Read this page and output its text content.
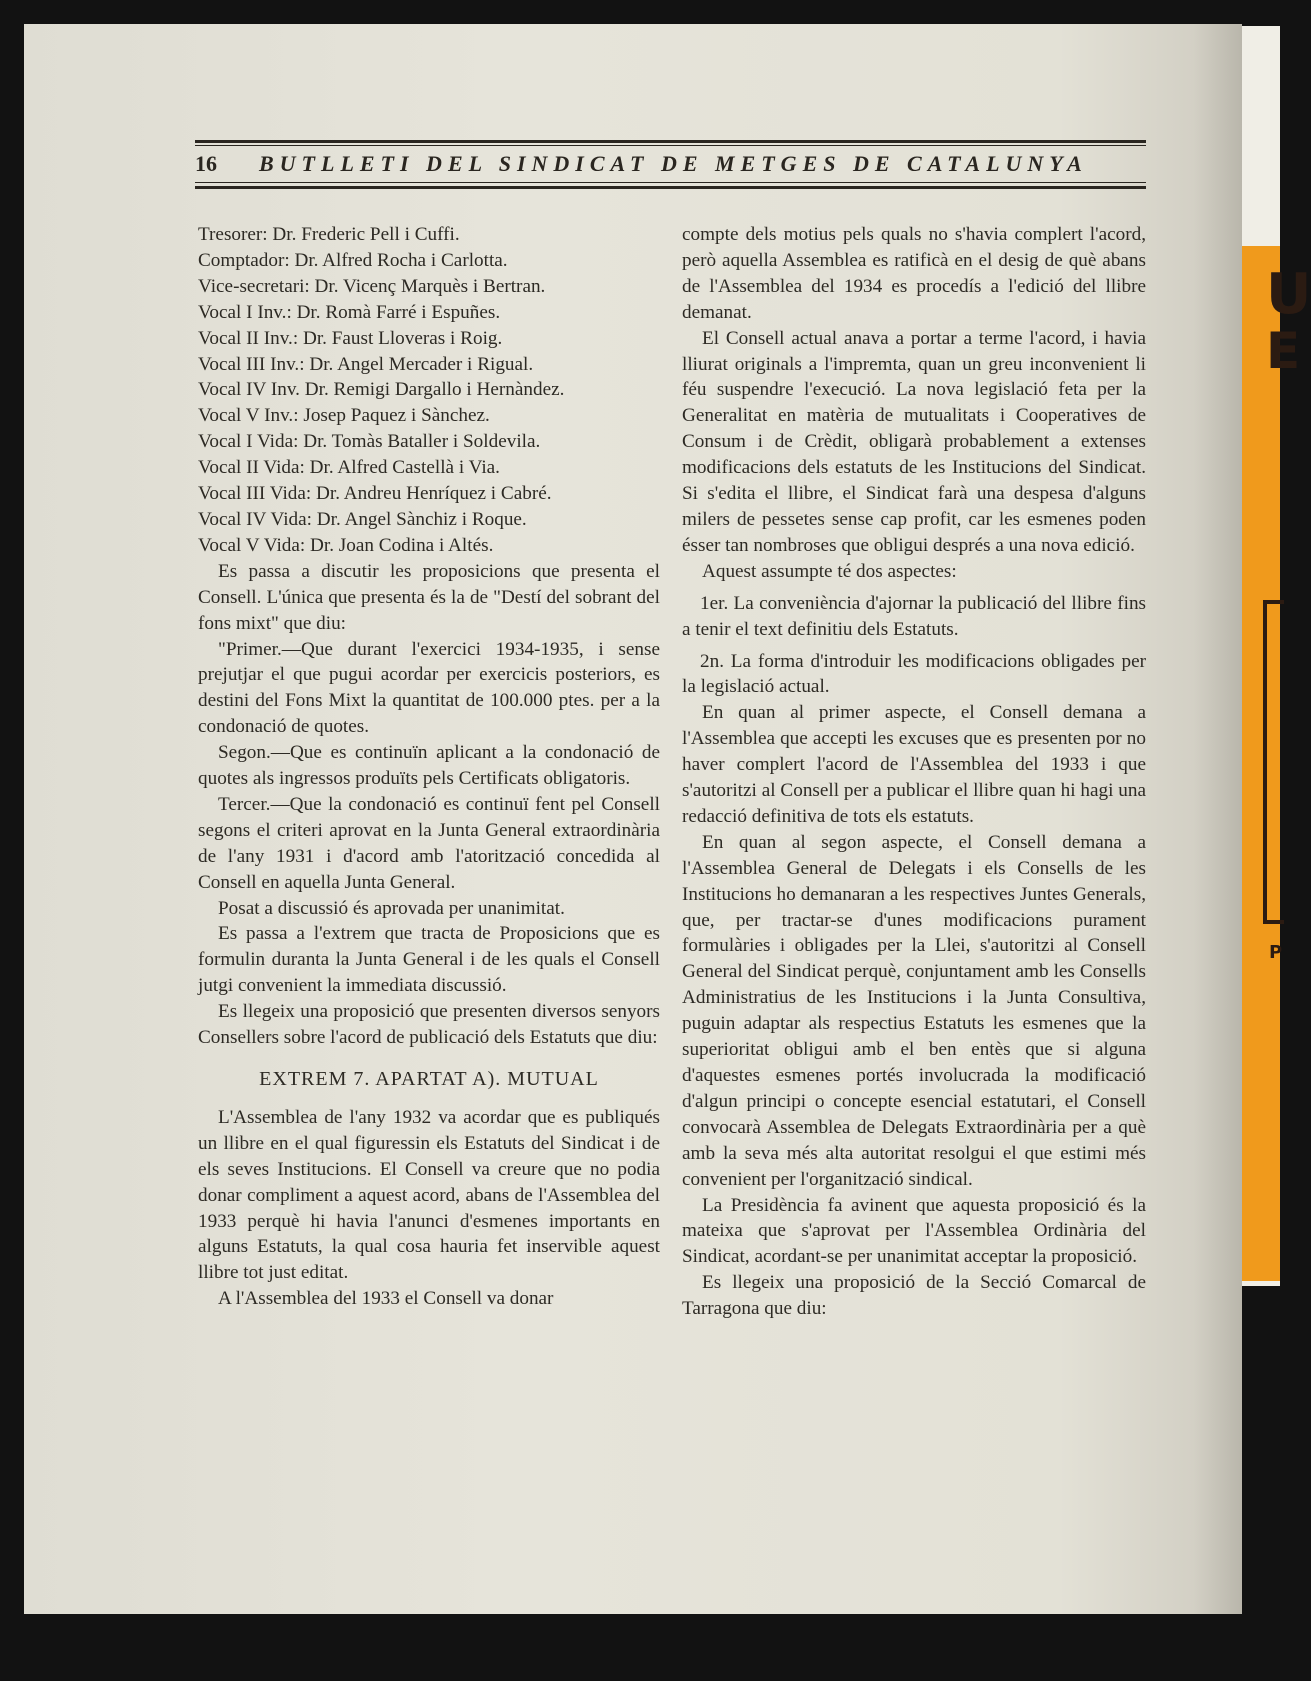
U
E
P
16 BUTLLETI DEL SINDICAT DE METGES DE CATALUNYA

Tresorer: Dr. Frederic Pell i Cuffi.

Comptador: Dr. Alfred Rocha i Carlotta.

Vice-secretari: Dr. Vicenç Marquès i Bertran.

Vocal I Inv.: Dr. Romà Farré i Espuñes.

Vocal II Inv.: Dr. Faust Lloveras i Roig.

Vocal III Inv.: Dr. Angel Mercader i Rigual.

Vocal IV Inv. Dr. Remigi Dargallo i Hernàndez.

Vocal V Inv.: Josep Paquez i Sànchez.

Vocal I Vida: Dr. Tomàs Bataller i Soldevila.

Vocal II Vida: Dr. Alfred Castellà i Via.

Vocal III Vida: Dr. Andreu Henríquez i Cabré.

Vocal IV Vida: Dr. Angel Sànchiz i Roque.

Vocal V Vida: Dr. Joan Codina i Altés.

Es passa a discutir les proposicions que presenta el Consell. L'única que presenta és la de "Destí del sobrant del fons mixt" que diu:

"Primer.—Que durant l'exercici 1934-1935, i sense prejutjar el que pugui acordar per exercicis posteriors, es destini del Fons Mixt la quantitat de 100.000 ptes. per a la condonació de quotes.

Segon.—Que es continuïn aplicant a la condonació de quotes als ingressos produïts pels Certificats obligatoris.

Tercer.—Que la condonació es continuï fent pel Consell segons el criteri aprovat en la Junta General extraordinària de l'any 1931 i d'acord amb l'atorització concedida al Consell en aquella Junta General.

Posat a discussió és aprovada per unanimitat.

Es passa a l'extrem que tracta de Proposicions que es formulin duranta la Junta General i de les quals el Consell jutgi convenient la immediata discussió.

Es llegeix una proposició que presenten diversos senyors Consellers sobre l'acord de publicació dels Estatuts que diu:

EXTREM 7. APARTAT A). MUTUAL

L'Assemblea de l'any 1932 va acordar que es publiqués un llibre en el qual figuressin els Estatuts del Sindicat i de els seves Institucions. El Consell va creure que no podia donar compliment a aquest acord, abans de l'Assemblea del 1933 perquè hi havia l'anunci d'esmenes importants en alguns Estatuts, la qual cosa hauria fet inservible aquest llibre tot just editat.

A l'Assemblea del 1933 el Consell va donar

compte dels motius pels quals no s'havia complert l'acord, però aquella Assemblea es ratificà en el desig de què abans de l'Assemblea del 1934 es procedís a l'edició del llibre demanat.

El Consell actual anava a portar a terme l'acord, i havia lliurat originals a l'impremta, quan un greu inconvenient li féu suspendre l'execució. La nova legislació feta per la Generalitat en matèria de mutualitats i Cooperatives de Consum i de Crèdit, obligarà probablement a extenses modificacions dels estatuts de les Institucions del Sindicat. Si s'edita el llibre, el Sindicat farà una despesa d'alguns milers de pessetes sense cap profit, car les esmenes poden ésser tan nombroses que obligui després a una nova edició.

Aquest assumpte té dos aspectes:

1er. La conveniència d'ajornar la publicació del llibre fins a tenir el text definitiu dels Estatuts.

2n. La forma d'introduir les modificacions obligades per la legislació actual.

En quan al primer aspecte, el Consell demana a l'Assemblea que accepti les excuses que es presenten por no haver complert l'acord de l'Assemblea del 1933 i que s'autoritzi al Consell per a publicar el llibre quan hi hagi una redacció definitiva de tots els estatuts.

En quan al segon aspecte, el Consell demana a l'Assemblea General de Delegats i els Consells de les Institucions ho demanaran a les respectives Juntes Generals, que, per tractar-se d'unes modificacions purament formulàries i obligades per la Llei, s'autoritzi al Consell General del Sindicat perquè, conjuntament amb les Consells Administratius de les Institucions i la Junta Consultiva, puguin adaptar als respectius Estatuts les esmenes que la superioritat obligui amb el ben entès que si alguna d'aquestes esmenes portés involucrada la modificació d'algun principi o concepte esencial estatutari, el Consell convocarà Assemblea de Delegats Extraordinària per a què amb la seva més alta autoritat resolgui el que estimi més convenient per l'organització sindical.

La Presidència fa avinent que aquesta proposició és la mateixa que s'aprovat per l'Assemblea Ordinària del Sindicat, acordant-se per unanimitat acceptar la proposició.

Es llegeix una proposició de la Secció Comarcal de Tarragona que diu:
